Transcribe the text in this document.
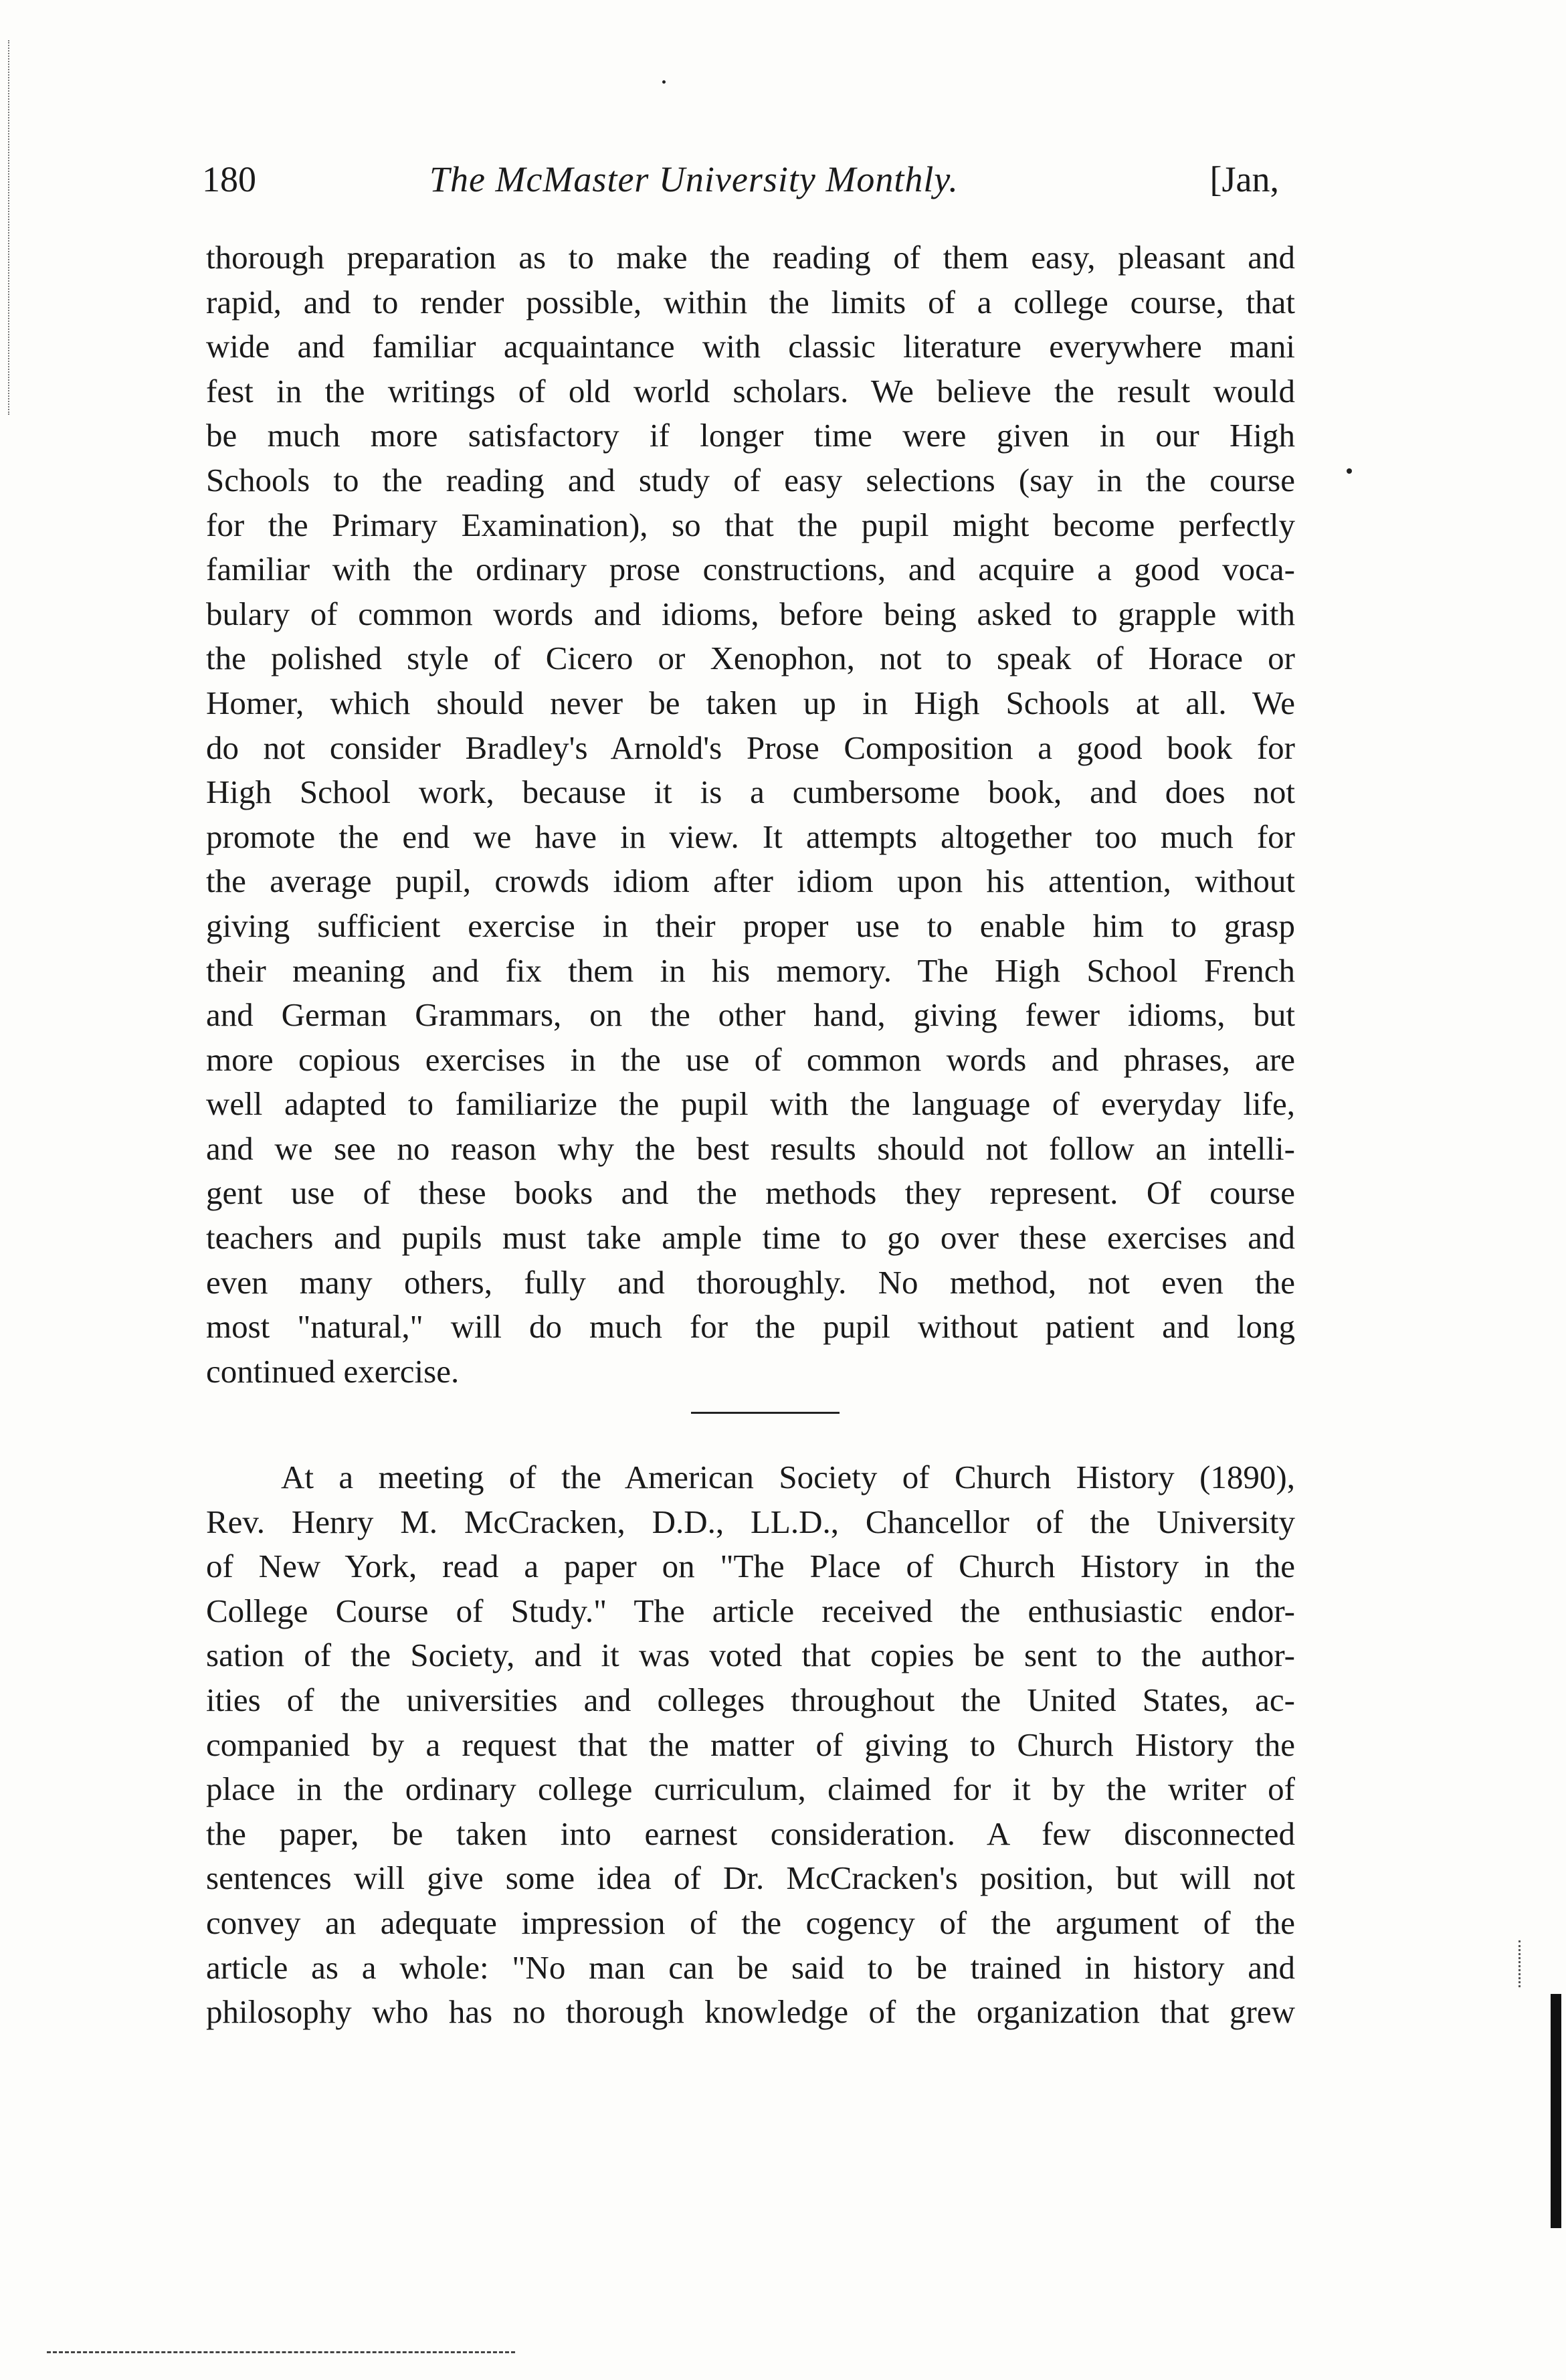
180	The McMaster University Monthly.	[Jan,
thorough preparation as to make the reading of them easy, pleasant and
rapid, and to render possible, within the limits of a college course, that
wide and familiar acquaintance with classic literature everywhere mani
fest in the writings of old world scholars. We believe the result would
be much more satisfactory if longer time were given in our High
Schools to the reading and study of easy selections (say in the course
for the Primary Examination), so that the pupil might become perfectly
familiar with the ordinary prose constructions, and acquire a good voca-
bulary of common words and idioms, before being asked to grapple with
the polished style of Cicero or Xenophon, not to speak of Horace or
Homer, which should never be taken up in High Schools at all. We
do not consider Bradley's Arnold's Prose Composition a good book for
High School work, because it is a cumbersome book, and does not
promote the end we have in view. It attempts altogether too much for
the average pupil, crowds idiom after idiom upon his attention, without
giving sufficient exercise in their proper use to enable him to grasp
their meaning and fix them in his memory. The High School French
and German Grammars, on the other hand, giving fewer idioms, but
more copious exercises in the use of common words and phrases, are
well adapted to familiarize the pupil with the language of everyday life,
and we see no reason why the best results should not follow an intelli-
gent use of these books and the methods they represent. Of course
teachers and pupils must take ample time to go over these exercises and
even many others, fully and thoroughly. No method, not even the
most "natural," will do much for the pupil without patient and long
continued exercise.
At a meeting of the American Society of Church History (1890),
Rev. Henry M. McCracken, D.D., LL.D., Chancellor of the University
of New York, read a paper on "The Place of Church History in the
College Course of Study." The article received the enthusiastic endor-
sation of the Society, and it was voted that copies be sent to the author-
ities of the universities and colleges throughout the United States, ac-
companied by a request that the matter of giving to Church History the
place in the ordinary college curriculum, claimed for it by the writer of
the paper, be taken into earnest consideration. A few disconnected
sentences will give some idea of Dr. McCracken's position, but will not
convey an adequate impression of the cogency of the argument of the
article as a whole: "No man can be said to be trained in history and
philosophy who has no thorough knowledge of the organization that grew
